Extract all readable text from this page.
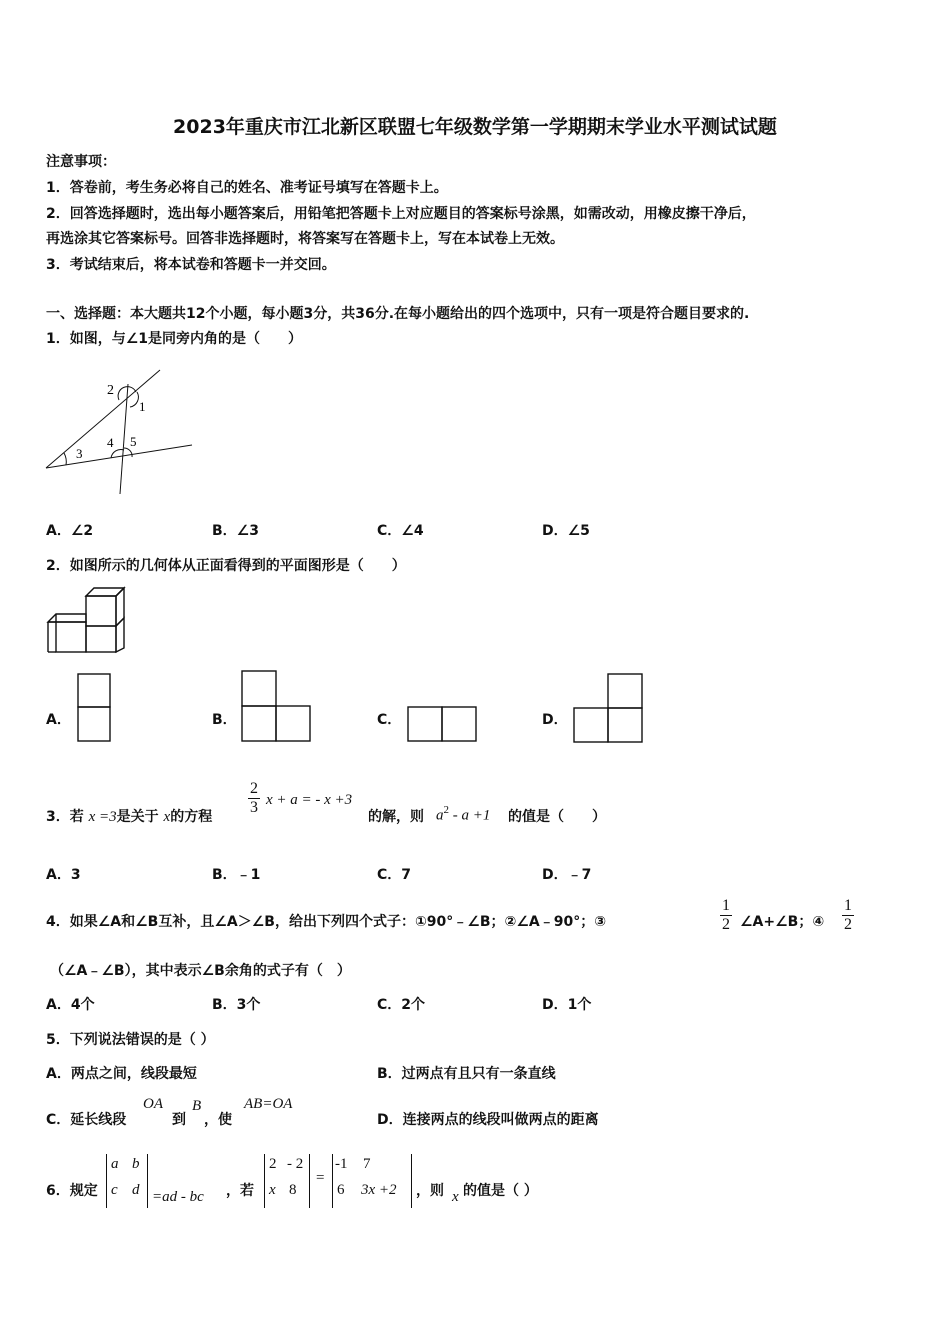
2023年重庆市江北新区联盟七年级数学第一学期期末学业水平测试试题
注意事项：
1．答卷前，考生务必将自己的姓名、准考证号填写在答题卡上。
2．回答选择题时，选出每小题答案后，用铅笔把答题卡上对应题目的答案标号涂黑，如需改动，用橡皮擦干净后，
再选涂其它答案标号。回答非选择题时，将答案写在答题卡上，写在本试卷上无效。
3．考试结束后，将本试卷和答题卡一并交回。
一、选择题：本大题共12个小题，每小题3分，共36分.在每小题给出的四个选项中，只有一项是符合题目要求的.
1．如图，与∠1是同旁内角的是（　　）
2
1
3
4 5
A．∠2	B．∠3	C．∠4	D．∠5
2．如图所示的几何体从正面看得到的平面图形是（　　）
A．	B．	C．	D．
3．若 x =3是关于 x的方程 $\frac{2}{3}$ x + a = - x +3
的解，则 $a^2 - a +1$ 的值是（　　）
A．3	B．﹣1	C．7	D．﹣7
4．如果∠A和∠B互补，且∠A＞∠B，给出下列四个式子：①90°﹣∠B；②∠A﹣90°；③	$\frac{1}{2}$ ∠A+∠B；④ $\frac{1}{2}$
（∠A﹣∠B），其中表示∠B余角的式子有（　）
A．4个	B．3个	C．2个	D．1个
5．下列说法错误的是（ ）
A．两点之间，线段最短	B．过两点有且只有一条直线
C．延长线段
OA
到
B
，使
AB=OA
D．连接两点的线段叫做两点的距离
6．规定
a b
c d =ad - bc ，若
2 - 2
x 8
=
-1 7
6 3x +2 ，则 x 的值是（ ）
